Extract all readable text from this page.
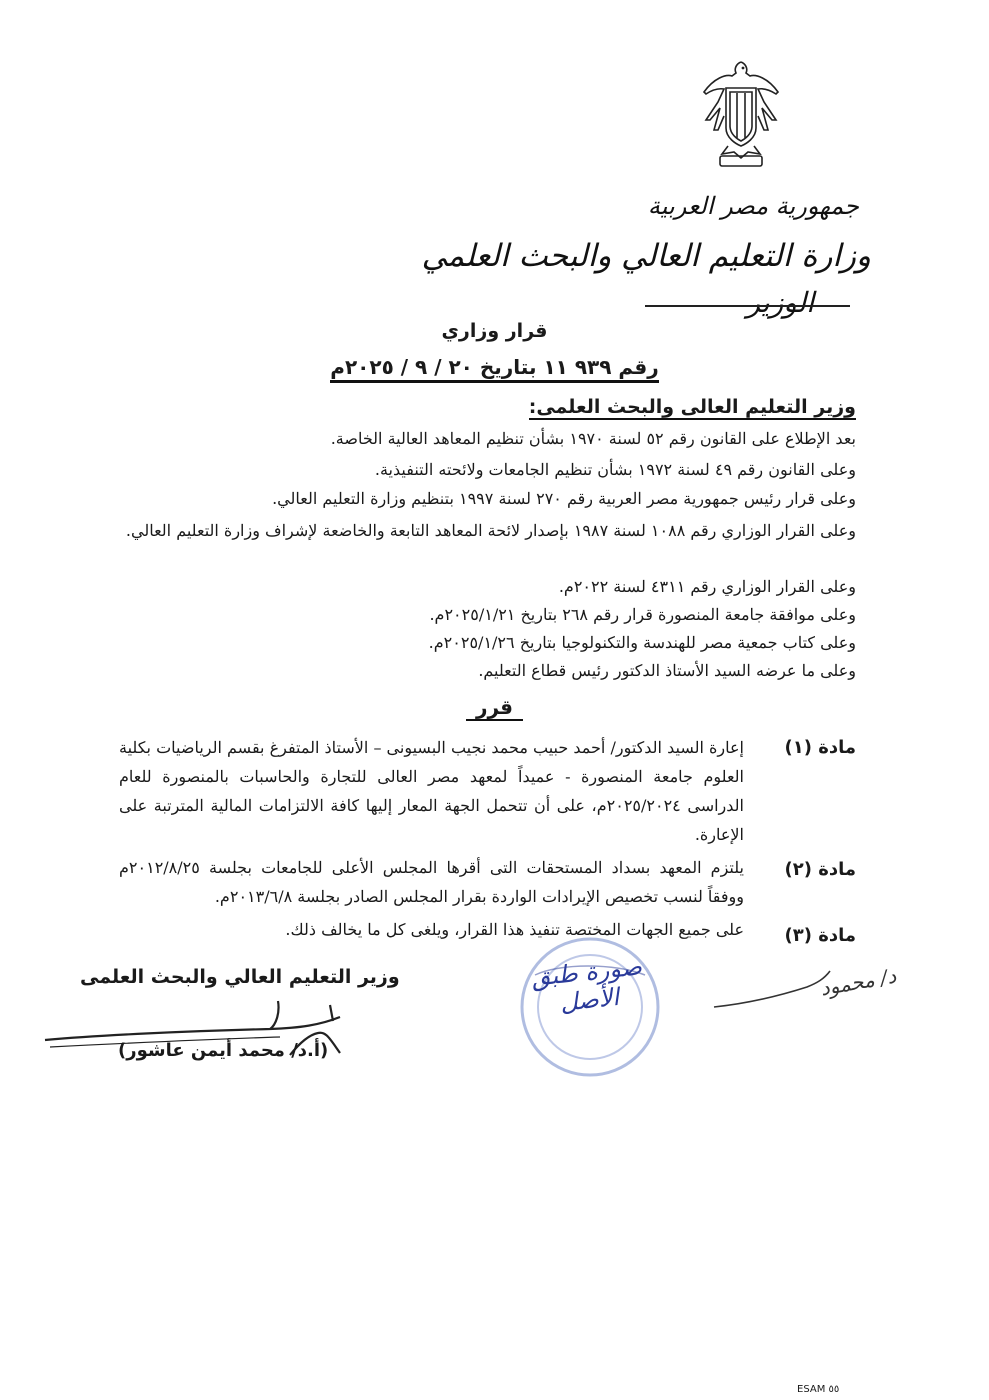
جمهورية مصر العربية
وزارة التعليم العالي والبحث العلمي
الوزير
قرار وزاري
رقم ٩٣٩ ١١ بتاريخ ٢٠ / ٩ / ٢٠٢٥م
وزير التعليم العالى والبحث العلمى:
بعد الإطلاع على القانون رقم ٥٢ لسنة ١٩٧٠ بشأن تنظيم المعاهد العالية الخاصة.
وعلى القانون رقم ٤٩ لسنة ١٩٧٢ بشأن تنظيم الجامعات ولائحته التنفيذية.
وعلى قرار رئيس جمهورية مصر العربية رقم ٢٧٠ لسنة ١٩٩٧ بتنظيم وزارة التعليم العالي.
وعلى القرار الوزاري رقم ١٠٨٨ لسنة ١٩٨٧ بإصدار لائحة المعاهد التابعة والخاضعة لإشراف وزارة التعليم العالي.
وعلى القرار الوزاري رقم ٤٣١١ لسنة ٢٠٢٢م.
وعلى موافقة جامعة المنصورة قرار رقم ٢٦٨ بتاريخ ٢٠٢٥/١/٢١م.
وعلى كتاب جمعية مصر للهندسة والتكنولوجيا بتاريخ ٢٠٢٥/١/٢٦م.
وعلى ما عرضه السيد الأستاذ الدكتور رئيس قطاع التعليم.
قرر
مادة (١)
إعارة السيد الدكتور/ أحمد حبيب محمد نجيب البسيونى – الأستاذ المتفرغ بقسم الرياضيات بكلية العلوم جامعة المنصورة - عميداً لمعهد مصر العالى للتجارة والحاسبات بالمنصورة للعام الدراسى ٢٠٢٥/٢٠٢٤م، على أن تتحمل الجهة المعار إليها كافة الالتزامات المالية المترتبة على الإعارة.
مادة (٢)
يلتزم المعهد بسداد المستحقات التى أقرها المجلس الأعلى للجامعات بجلسة ٢٠١٢/٨/٢٥م ووفقاً لنسب تخصيص الإيرادات الواردة بقرار المجلس الصادر بجلسة ٢٠١٣/٦/٨م.
مادة (٣)
على جميع الجهات المختصة تنفيذ هذا القرار، ويلغى كل ما يخالف ذلك.
وزير التعليم العالي والبحث العلمى
(أ.د/ محمد أيمن عاشور)
صورة طبق الأصل	د/ محمود
ESAM ٥٥
